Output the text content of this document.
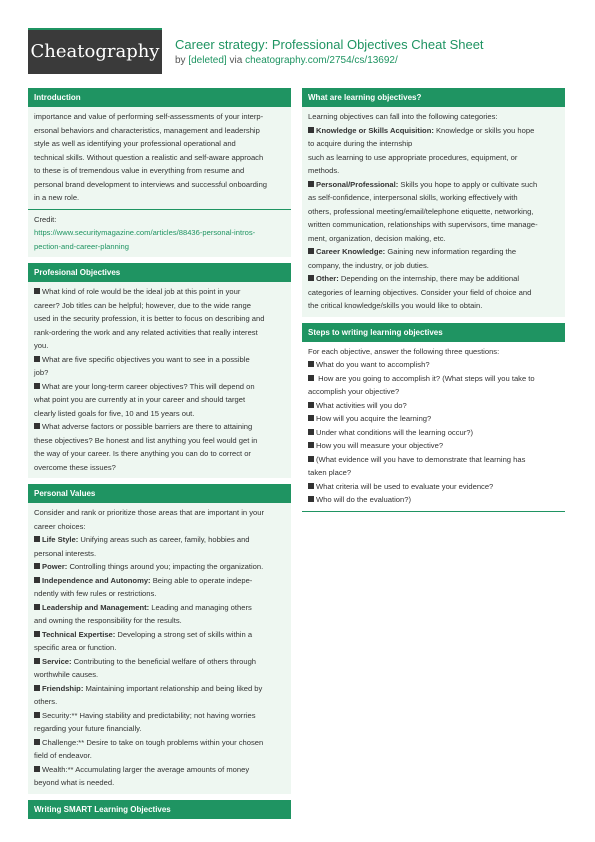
Cheatography Career strategy: Professional Objectives Cheat Sheet
by [deleted] via cheatography.com/2754/cs/13692/
Introduction

importance and value of performing self-assessments of your interp-

ersonal behaviors and characteristics, management and leadership

style as well as identifying your professional operational and

technical skills. Without question a realistic and self-aware approach

to these is of tremendous value in everything from resume and

personal brand development to interviews and successful onboarding

in a new role.

Credit:

https://www.securitymagazine.com/articles/88436-personal-intros-

pection-and-career-planning

Profesional Objectives

What kind of role would be the ideal job at this point in your

career? Job titles can be helpful; however, due to the wide range

used in the security profession, it is better to focus on describing and

rank-ordering the work and any related activities that really interest

you.

What are five specific objectives you want to see in a possible

job?

What are your long-term career objectives? This will depend on

what point you are currently at in your career and should target

clearly listed goals for five, 10 and 15 years out.

What adverse factors or possible barriers are there to attaining

these objectives? Be honest and list anything you feel would get in

the way of your career. Is there anything you can do to correct or

overcome these issues?

Personal Values

Consider and rank or prioritize those areas that are important in your

career choices:

Life Style: Unifying areas such as career, family, hobbies and

personal interests.

Power: Controlling things around you; impacting the organization.

Independence and Autonomy: Being able to operate indepe-

ndently with few rules or restrictions.

Leadership and Management: Leading and managing others

and owning the responsibility for the results.

Technical Expertise: Developing a strong set of skills within a

specific area or function.

Service: Contributing to the beneficial welfare of others through

worthwhile causes.

Friendship: Maintaining important relationship and being liked by

others.

Security:** Having stability and predictability; not having worries

regarding your future financially.

Challenge:** Desire to take on tough problems within your chosen

field of endeavor.

Wealth:** Accumulating larger the average amounts of money

beyond what is needed.

Writing SMART Learning Objectives
What are learning objectives?

Learning objectives can fall into the following categories:

Knowledge or Skills Acquisition: Knowledge or skills you hope

to acquire during the internship

such as learning to use appropriate procedures, equipment, or

methods.

Personal/Professional: Skills you hope to apply or cultivate such

as self-confidence, interpersonal skills, working effectively with

others, professional meeting/email/telephone etiquette, networking,

written communication, relationships with supervisors, time manage-

ment, organization, decision making, etc.

Career Knowledge: Gaining new information regarding the

company, the industry, or job duties.

Other: Depending on the internship, there may be additional

categories of learning objectives. Consider your field of choice and

the critical knowledge/skills you would like to obtain.

Steps to writing learning objectives

For each objective, answer the following three questions:

What do you want to accomplish?

How are you going to accomplish it? (What steps will you take to

accomplish your objective?

What activities will you do?

How will you acquire the learning?

Under what conditions will the learning occur?)

How you will measure your objective?

(What evidence will you have to demonstrate that learning has

taken place?

What criteria will be used to evaluate your evidence?

Who will do the evaluation?)
